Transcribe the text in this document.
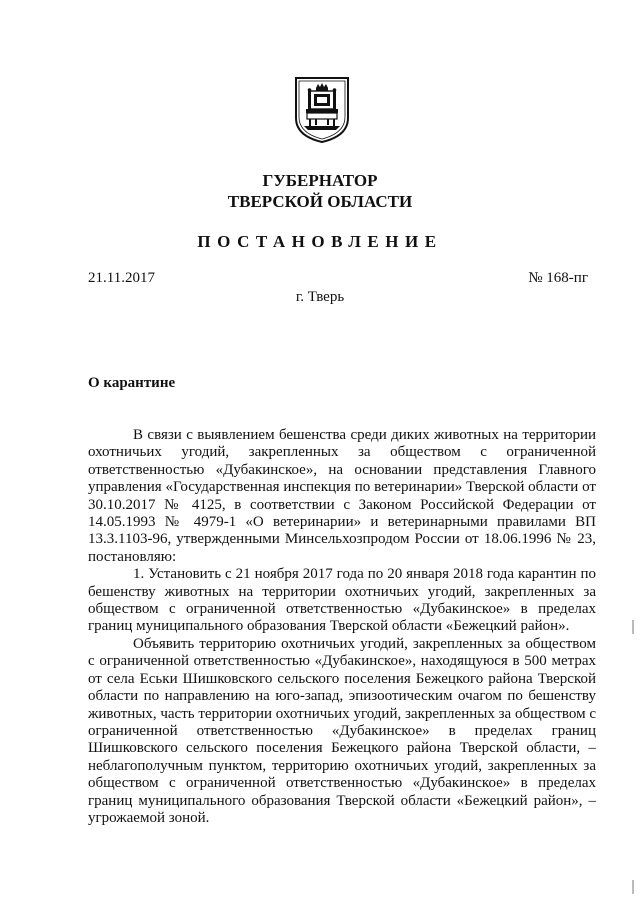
ГУБЕРНАТОР
ТВЕРСКОЙ ОБЛАСТИ
ПОСТАНОВЛЕНИЕ
21.11.2017	№ 168-пг
г. Тверь
О карантине

В связи с выявлением бешенства среди диких животных на территории охотничьих угодий, закрепленных за обществом с ограниченной ответственностью «Дубакинское», на основании представления Главного управления «Государственная инспекция по ветеринарии» Тверской области от 30.10.2017 № 4125, в соответствии с Законом Российской Федерации от 14.05.1993 № 4979-1 «О ветеринарии» и ветеринарными правилами ВП 13.3.1103-96, утвержденными Минсельхозпродом России от 18.06.1996 № 23, постановляю:

1. Установить с 21 ноября 2017 года по 20 января 2018 года карантин по бешенству животных на территории охотничьих угодий, закрепленных за обществом с ограниченной ответственностью «Дубакинское» в пределах границ муниципального образования Тверской области «Бежецкий район».

Объявить территорию охотничьих угодий, закрепленных за обществом с ограниченной ответственностью «Дубакинское», находящуюся в 500 метрах от села Еськи Шишковского сельского поселения Бежецкого района Тверской области по направлению на юго-запад, эпизоотическим очагом по бешенству животных, часть территории охотничьих угодий, закрепленных за обществом с ограниченной ответственностью «Дубакинское» в пределах границ Шишковского сельского поселения Бежецкого района Тверской области, – неблагополучным пунктом, территорию охотничьих угодий, закрепленных за обществом с ограниченной ответственностью «Дубакинское» в пределах границ муниципального образования Тверской области «Бежецкий район», – угрожаемой зоной.
